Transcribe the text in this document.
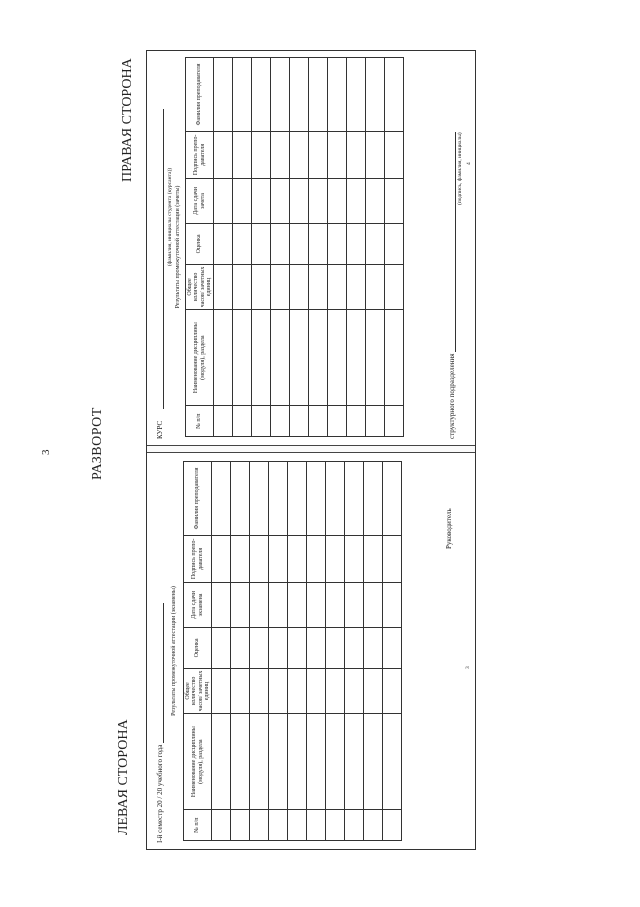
3	РАЗВОРОТ
ЛЕВАЯ СТОРОНА
ПРАВАЯ СТОРОНА
I-й семестр 20 / 20 учебного года
Результаты промежуточной аттестации (экзамены)
№ п/п	Наименование дисциплины (модуля), раздела	Общее количество часов/ зачетных единиц	Оценка	Дата сдачи экзамена	Подпись препо-давателя	Фамилия преподавателя

							Руководитель
3
КУРС
(фамилия, инициалы студента (курсанта)) Результаты промежуточной аттестации (зачеты)
№ п/п	Наименование дисциплины (модуля), раздела	Общее количество часов/ зачетных единиц	Оценка	Дата сдачи зачета	Подпись препо-давателя	Фамилия преподавателя

структурного подразделения
(подпись, фамилия, инициалы) 4
